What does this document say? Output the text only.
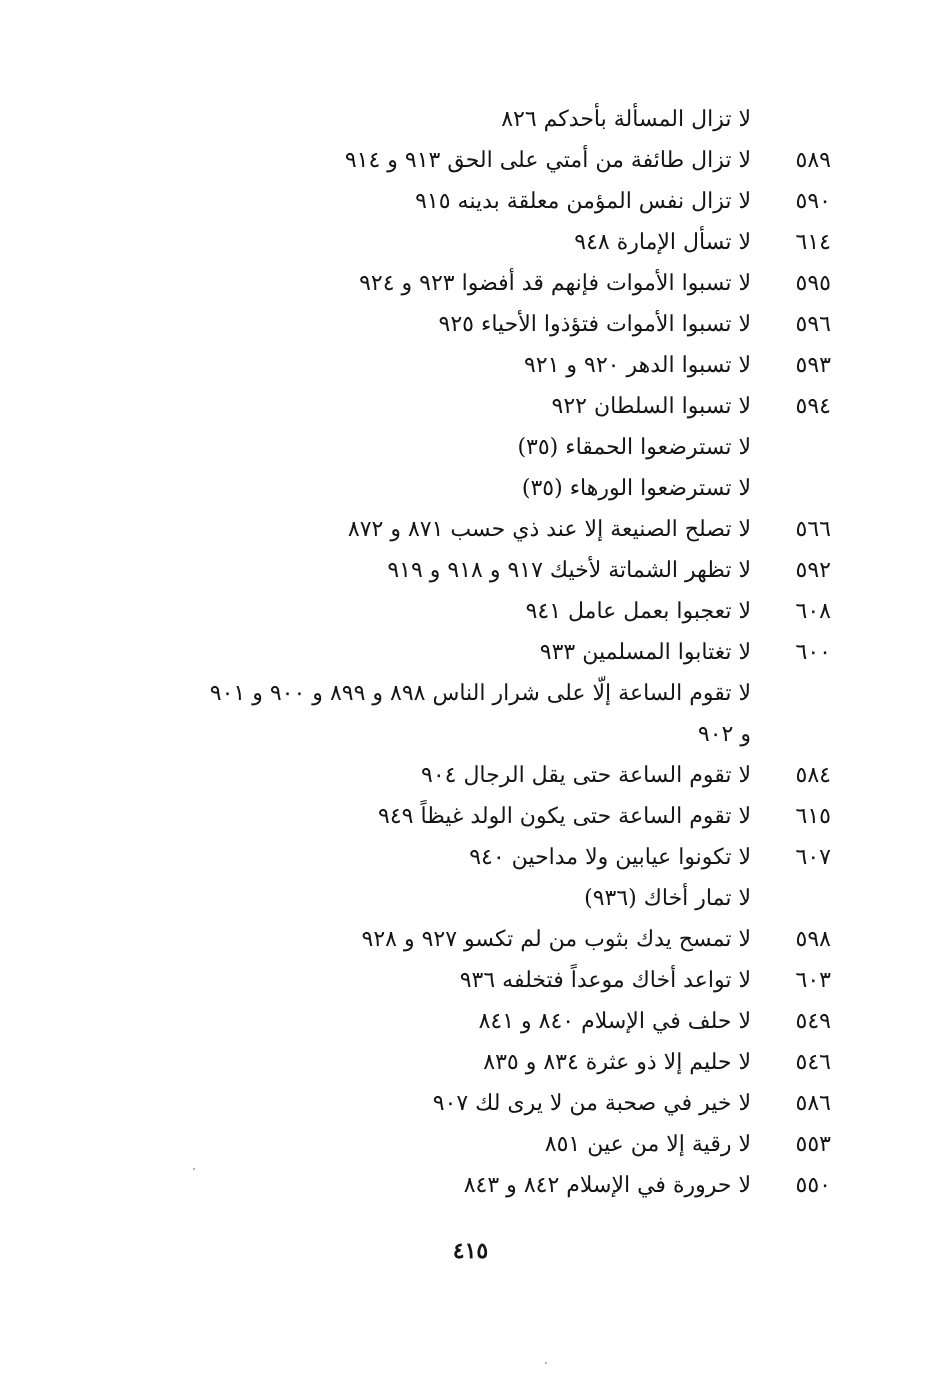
لا تزال المسألة بأحدكم ٨٢٦
٥٨٩
لا تزال طائفة من أمتي على الحق ٩١٣ و ٩١٤
٥٩٠
لا تزال نفس المؤمن معلقة بدينه ٩١٥
٦١٤
لا تسأل الإمارة ٩٤٨
٥٩٥
لا تسبوا الأموات فإنهم قد أفضوا ٩٢٣ و ٩٢٤
٥٩٦
لا تسبوا الأموات فتؤذوا الأحياء ٩٢٥
٥٩٣
لا تسبوا الدهر ٩٢٠ و ٩٢١
٥٩٤
لا تسبوا السلطان ٩٢٢
لا تسترضعوا الحمقاء (٣٥)
لا تسترضعوا الورهاء (٣٥)
٥٦٦
لا تصلح الصنيعة إلا عند ذي حسب ٨٧١ و ٨٧٢
٥٩٢
لا تظهر الشماتة لأخيك ٩١٧ و ٩١٨ و ٩١٩
٦٠٨
لا تعجبوا بعمل عامل ٩٤١
٦٠٠
لا تغتابوا المسلمين ٩٣٣
لا تقوم الساعة إلّا على شرار الناس ٨٩٨ و ٨٩٩ و ٩٠٠ و ٩٠١
و ٩٠٢
٥٨٤
لا تقوم الساعة حتى يقل الرجال ٩٠٤
٦١٥
لا تقوم الساعة حتى يكون الولد غيظاً ٩٤٩
٦٠٧
لا تكونوا عيابين ولا مداحين ٩٤٠
لا تمار أخاك (٩٣٦)
٥٩٨
لا تمسح يدك بثوب من لم تكسو ٩٢٧ و ٩٢٨
٦٠٣
لا تواعد أخاك موعداً فتخلفه ٩٣٦
٥٤٩
لا حلف في الإسلام ٨٤٠ و ٨٤١
٥٤٦
لا حليم إلا ذو عثرة ٨٣٤ و ٨٣٥
٥٨٦
لا خير في صحبة من لا يرى لك ٩٠٧
٥٥٣
لا رقية إلا من عين ٨٥١
٥٥٠
لا حرورة في الإسلام ٨٤٢ و ٨٤٣
٤١٥
